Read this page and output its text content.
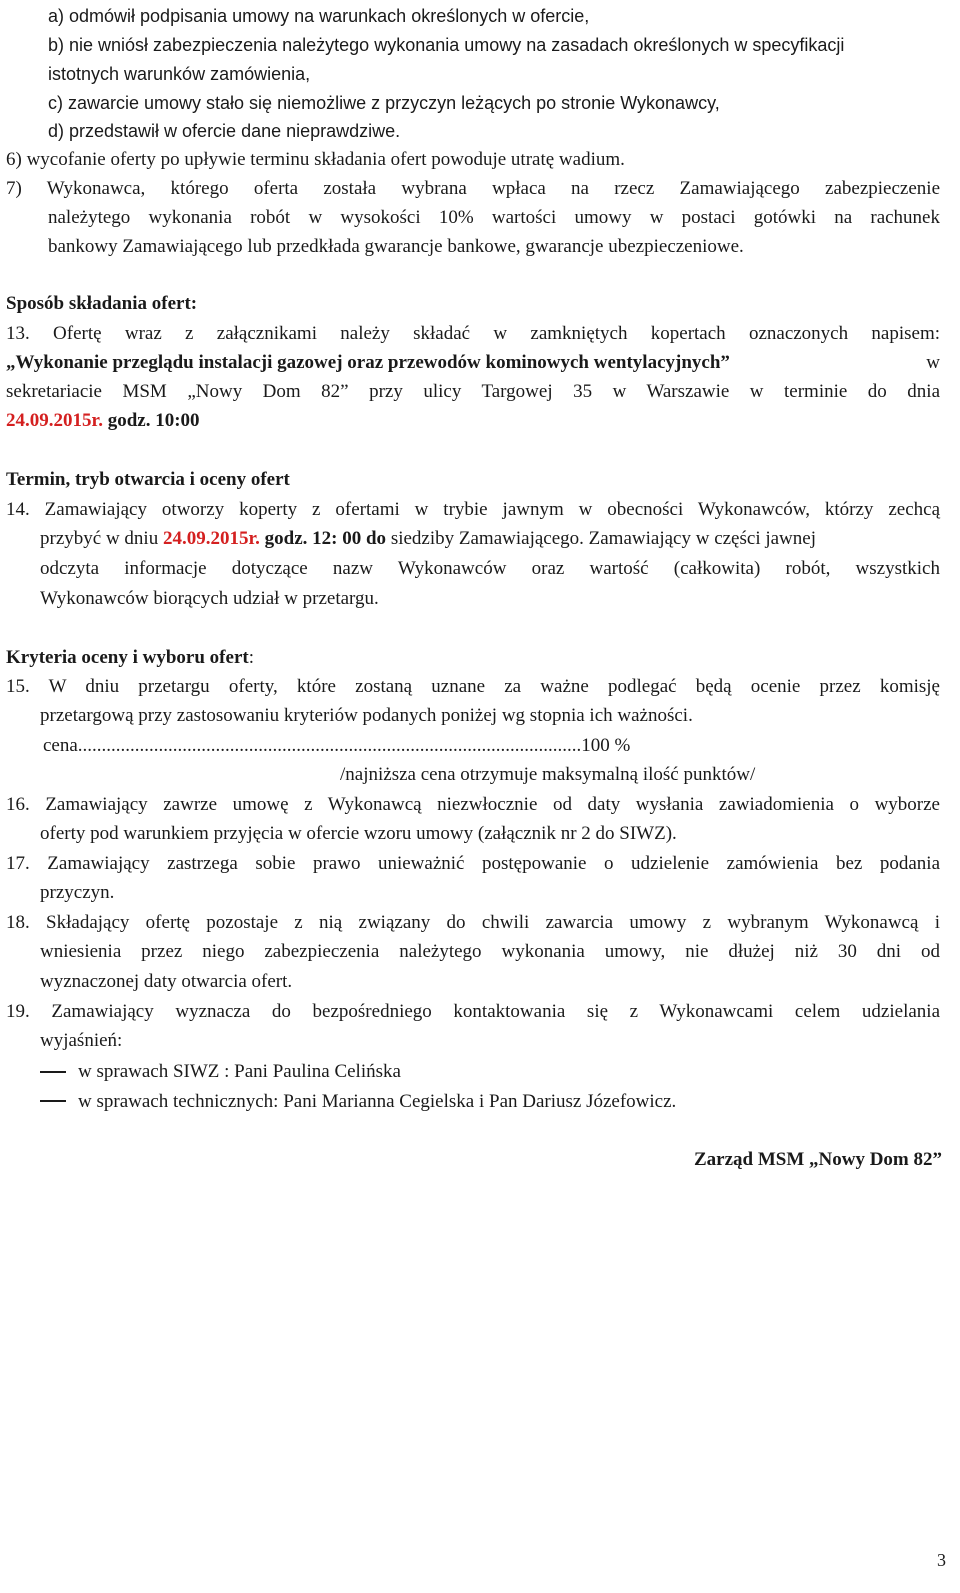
a) odmówił podpisania umowy na warunkach określonych w ofercie,
b) nie wniósł zabezpieczenia należytego wykonania umowy na zasadach określonych w specyfikacji
istotnych warunków zamówienia,
c) zawarcie umowy stało się niemożliwe z przyczyn leżących po stronie Wykonawcy,
d) przedstawił w ofercie dane nieprawdziwe.
6) wycofanie oferty po upływie terminu składania ofert powoduje utratę wadium.
7) Wykonawca, którego oferta została wybrana wpłaca na rzecz Zamawiającego zabezpieczenie
należytego wykonania robót w wysokości 10% wartości umowy w postaci gotówki na rachunek
bankowy Zamawiającego lub przedkłada gwarancje bankowe, gwarancje ubezpieczeniowe.
Sposób składania ofert:
13. Ofertę wraz z załącznikami należy składać w zamkniętych kopertach oznaczonych napisem:
„Wykonanie przeglądu instalacji gazowej oraz przewodów kominowych wentylacyjnych”	w
sekretariacie MSM „Nowy Dom 82” przy ulicy Targowej 35 w Warszawie w terminie do dnia
24.09.2015r. godz. 10:00
Termin, tryb otwarcia i oceny ofert
14. Zamawiający otworzy koperty z ofertami w trybie jawnym w obecności Wykonawców, którzy zechcą
przybyć w dniu 24.09.2015r. godz. 12: 00 do siedziby Zamawiającego. Zamawiający w części jawnej
odczyta informacje dotyczące nazw Wykonawców oraz wartość (całkowita) robót, wszystkich
Wykonawców biorących udział w przetargu.
Kryteria oceny i wyboru ofert:
15. W dniu przetargu oferty, które zostaną uznane za ważne podlegać będą ocenie przez komisję
przetargową przy zastosowaniu kryteriów podanych poniżej wg stopnia ich ważności.
cena..........................................................................................................100 %
/najniższa cena otrzymuje maksymalną ilość punktów/
16. Zamawiający zawrze umowę z Wykonawcą niezwłocznie od daty wysłania zawiadomienia o wyborze
oferty pod warunkiem przyjęcia w ofercie wzoru umowy (załącznik nr 2 do SIWZ).
17. Zamawiający zastrzega sobie prawo unieważnić postępowanie o udzielenie zamówienia bez podania
przyczyn.
18. Składający ofertę pozostaje z nią związany do chwili zawarcia umowy z wybranym Wykonawcą i
wniesienia przez niego zabezpieczenia należytego wykonania umowy, nie dłużej niż 30 dni od
wyznaczonej daty otwarcia ofert.
19. Zamawiający wyznacza do bezpośredniego kontaktowania się z Wykonawcami celem udzielania
wyjaśnień:
w sprawach SIWZ : Pani Paulina Celińska
w sprawach technicznych: Pani Marianna Cegielska i Pan Dariusz Józefowicz.
Zarząd MSM „Nowy Dom 82”
3
